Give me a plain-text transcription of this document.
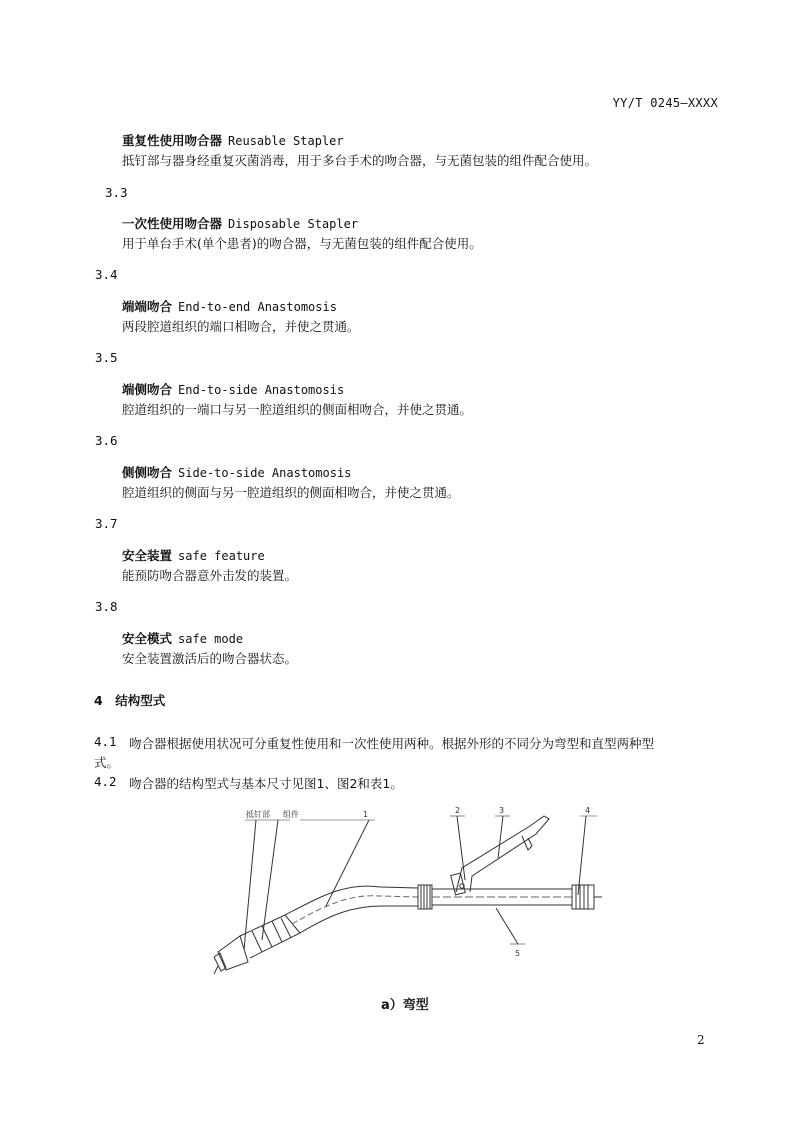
YY/T 0245—XXXX
重复性使用吻合器 Reusable Stapler
抵钉部与器身经重复灭菌消毒，用于多台手术的吻合器，与无菌包装的组件配合使用。
3.3
一次性使用吻合器 Disposable Stapler
用于单台手术(单个患者)的吻合器，与无菌包装的组件配合使用。
3.4
端端吻合 End-to-end Anastomosis
两段腔道组织的端口相吻合，并使之贯通。
3.5
端侧吻合 End-to-side Anastomosis
腔道组织的一端口与另一腔道组织的侧面相吻合，并使之贯通。
3.6
侧侧吻合 Side-to-side Anastomosis
腔道组织的侧面与另一腔道组织的侧面相吻合，并使之贯通。
3.7
安全装置 safe feature
能预防吻合器意外击发的装置。
3.8
安全模式 safe mode
安全装置激活后的吻合器状态。
4　结构型式
4.1 吻合器根据使用状况可分重复性使用和一次性使用两种。根据外形的不同分为弯型和直型两种型
式。
4.2 吻合器的结构型式与基本尺寸见图1、图2和表1。
抵钉部 组件	1	2	3	4
5
a）弯型
2
